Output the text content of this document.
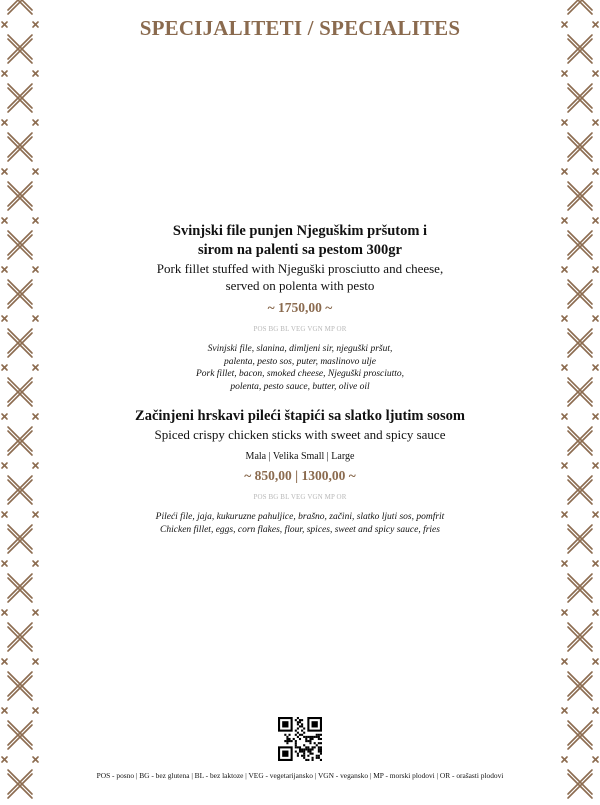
SPECIJALITETI / SPECIALITES
Svinjski file punjen Njeguškim pršutom i
sirom na palenti sa pestom 300gr
Pork fillet stuffed with Njeguški prosciutto and cheese,
served on polenta with pesto
~ 1750,00 ~
POS BG BL VEG VGN MP OR
Svinjski file, slanina, dimljeni sir, njeguški pršut,
palenta, pesto sos, puter, maslinovo ulje
Pork fillet, bacon, smoked cheese, Njeguški prosciutto,
polenta, pesto sauce, butter, olive oil
Začinjeni hrskavi pileći štapići sa slatko ljutim sosom
Spiced crispy chicken sticks with sweet and spicy sauce
Mala | Velika Small | Large
~ 850,00 | 1300,00 ~
POS BG BL VEG VGN MP OR
Pileći file, jaja, kukuruzne pahuljice, brašno, začini, slatko ljuti sos, pomfrit
Chicken fillet, eggs, corn flakes, flour, spices, sweet and spicy sauce, fries
POS - posno | BG - bez glutena | BL - bez laktoze | VEG - vegetarijansko | VGN - vegansko | MP - morski plodovi | OR - orašasti plodovi
